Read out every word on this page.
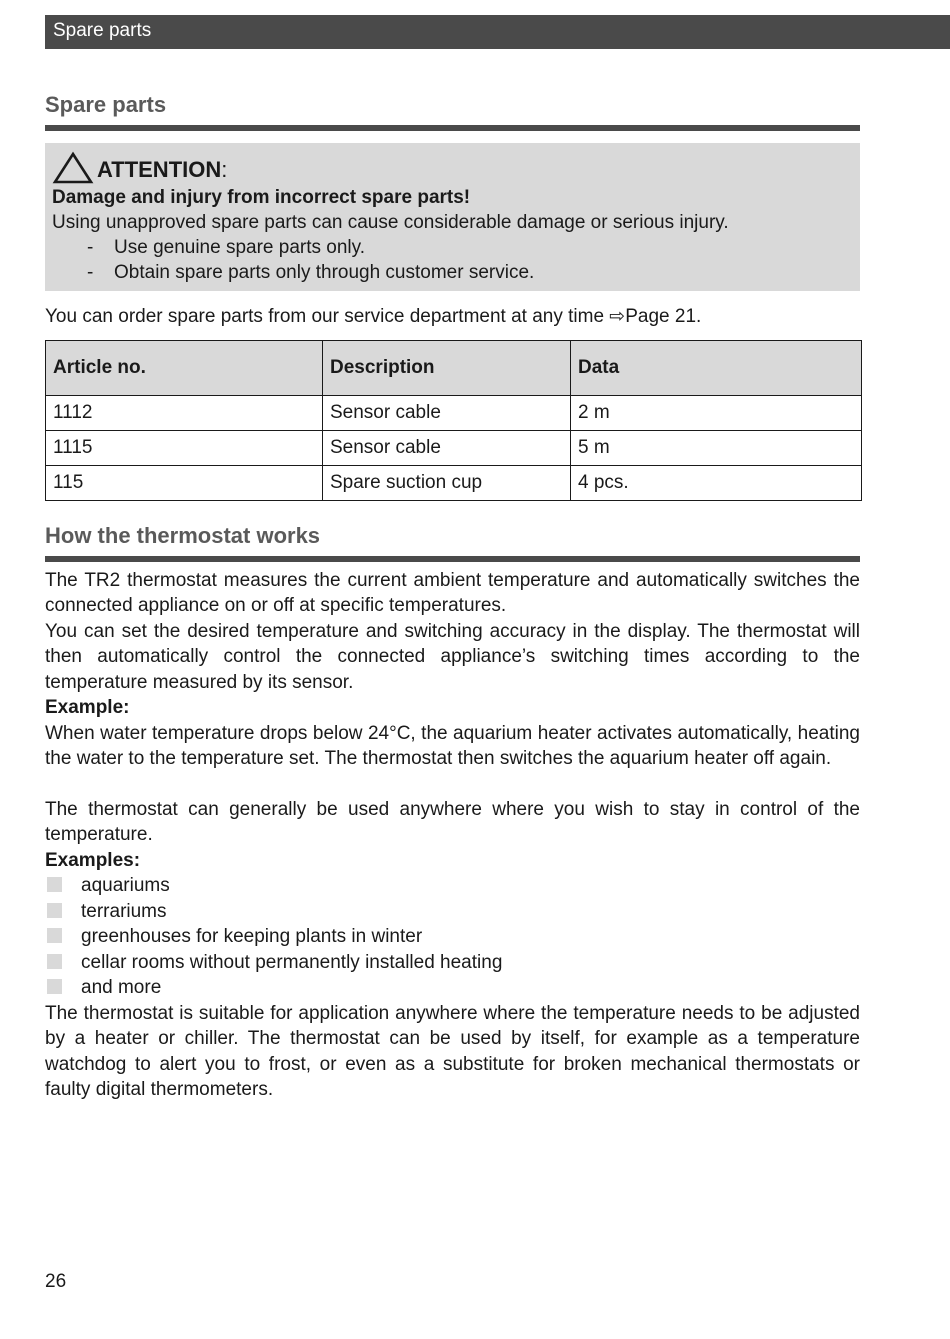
Spare parts
Spare parts
ATTENTION :
Damage and injury from incorrect spare parts!
Using unapproved spare parts can cause considerable damage or serious injury.
- Use genuine spare parts only.
- Obtain spare parts only through customer service.

You can order spare parts from our service department at any time ⇨Page 21.

Article no.	Description	Data
1112	Sensor cable	2 m
1115	Sensor cable	5 m
115	Spare suction cup	4 pcs.
How the thermostat works

The TR2 thermostat measures the current ambient temperature and automatically switches the connected appliance on or off at specific temperatures.

You can set the desired temperature and switching accuracy in the display. The thermostat will then automatically control the connected appliance’s switching times according to the temperature measured by its sensor.

Example:

When water temperature drops below 24°C, the aquarium heater activates automatically, heating the water to the temperature set. The thermostat then switches the aquarium heater off again.

The thermostat can generally be used anywhere where you wish to stay in control of the temperature.

Examples:

aquariums
terrariums
greenhouses for keeping plants in winter
cellar rooms without permanently installed heating
and more

The thermostat is suitable for application anywhere where the temperature needs to be adjusted by a heater or chiller. The thermostat can be used by itself, for example as a temperature watchdog to alert you to frost, or even as a substitute for broken mechanical thermostats or faulty digital thermometers.

26
